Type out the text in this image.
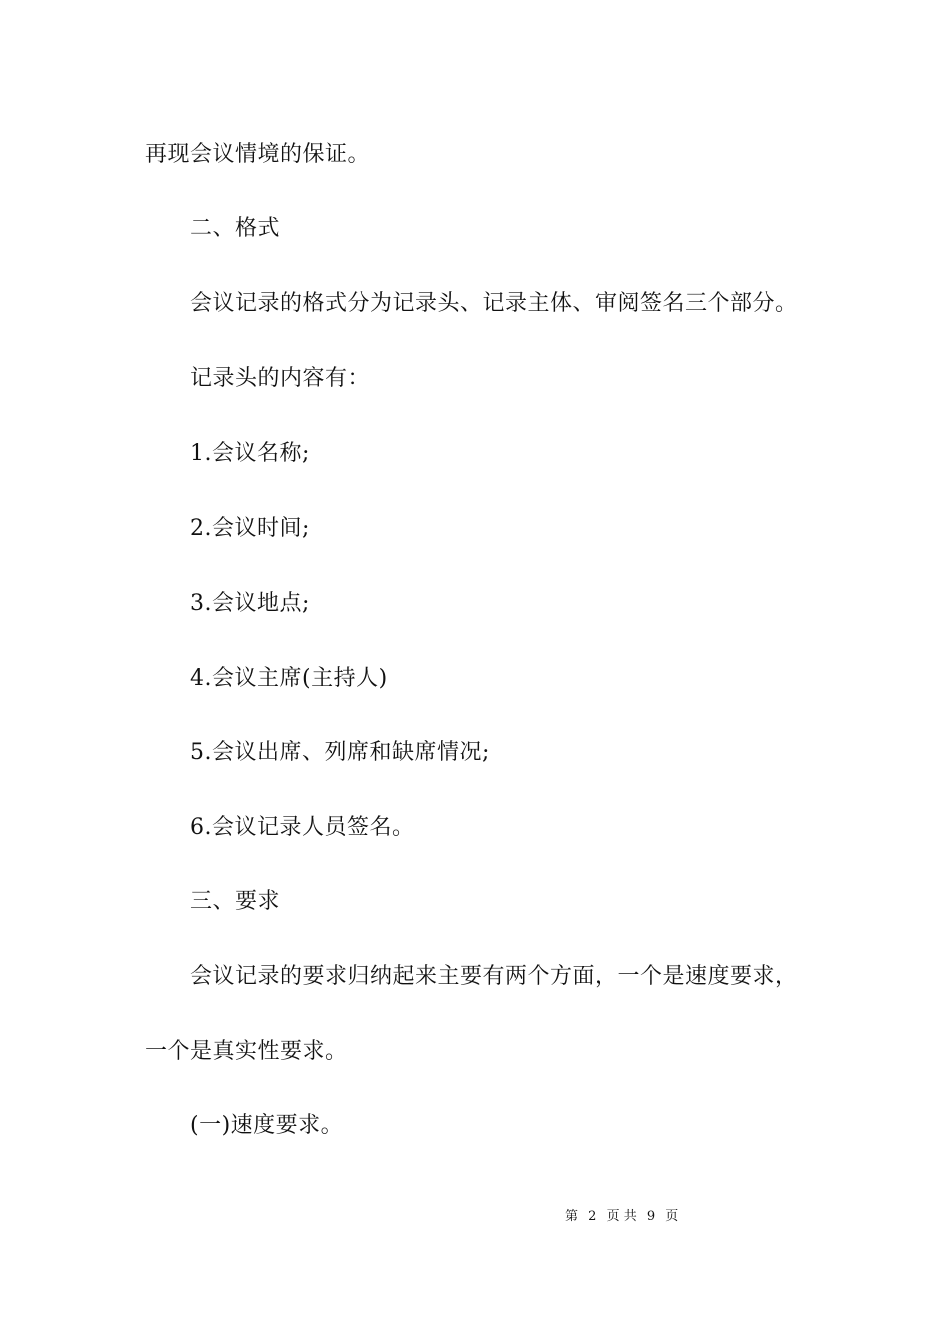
再现会议情境的保证。
二、格式
会议记录的格式分为记录头、记录主体、审阅签名三个部分。
记录头的内容有：
1.会议名称;
2.会议时间;
3.会议地点;
4.会议主席(主持人)
5.会议出席、列席和缺席情况;
6.会议记录人员签名。
三、要求
会议记录的要求归纳起来主要有两个方面，一个是速度要求，
一个是真实性要求。
(一)速度要求。
第 2 页 共 9 页
